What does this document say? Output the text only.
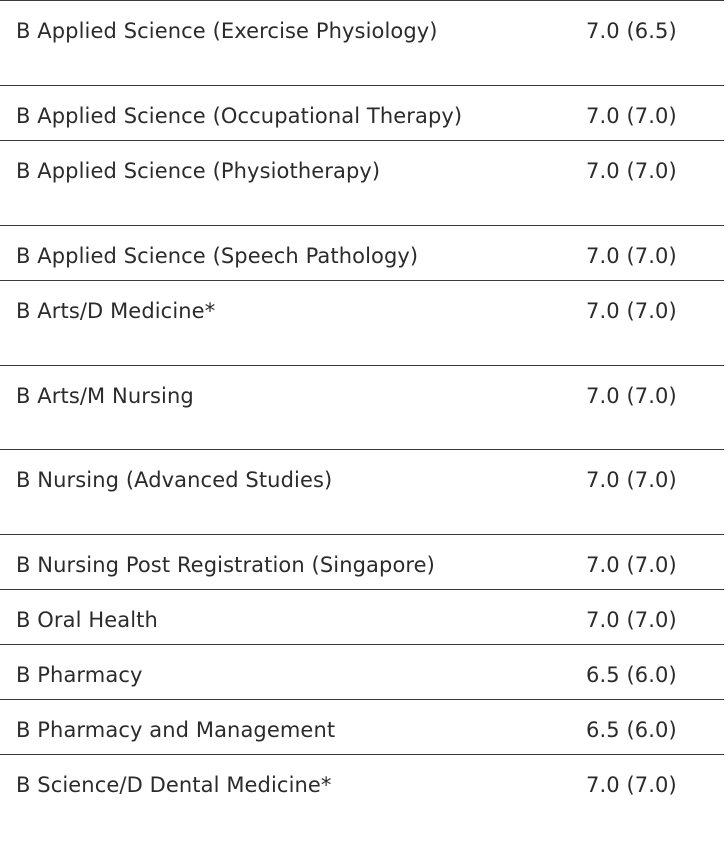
B Applied Science (Exercise Physiology)	7.0 (6.5)
B Applied Science (Occupational Therapy)	7.0 (7.0)
B Applied Science (Physiotherapy)	7.0 (7.0)
B Applied Science (Speech Pathology)	7.0 (7.0)
B Arts/D Medicine*	7.0 (7.0)
B Arts/M Nursing	7.0 (7.0)
B Nursing (Advanced Studies)	7.0 (7.0)
B Nursing Post Registration (Singapore)	7.0 (7.0)
B Oral Health	7.0 (7.0)
B Pharmacy	6.5 (6.0)
B Pharmacy and Management	6.5 (6.0)
B Science/D Dental Medicine*	7.0 (7.0)
